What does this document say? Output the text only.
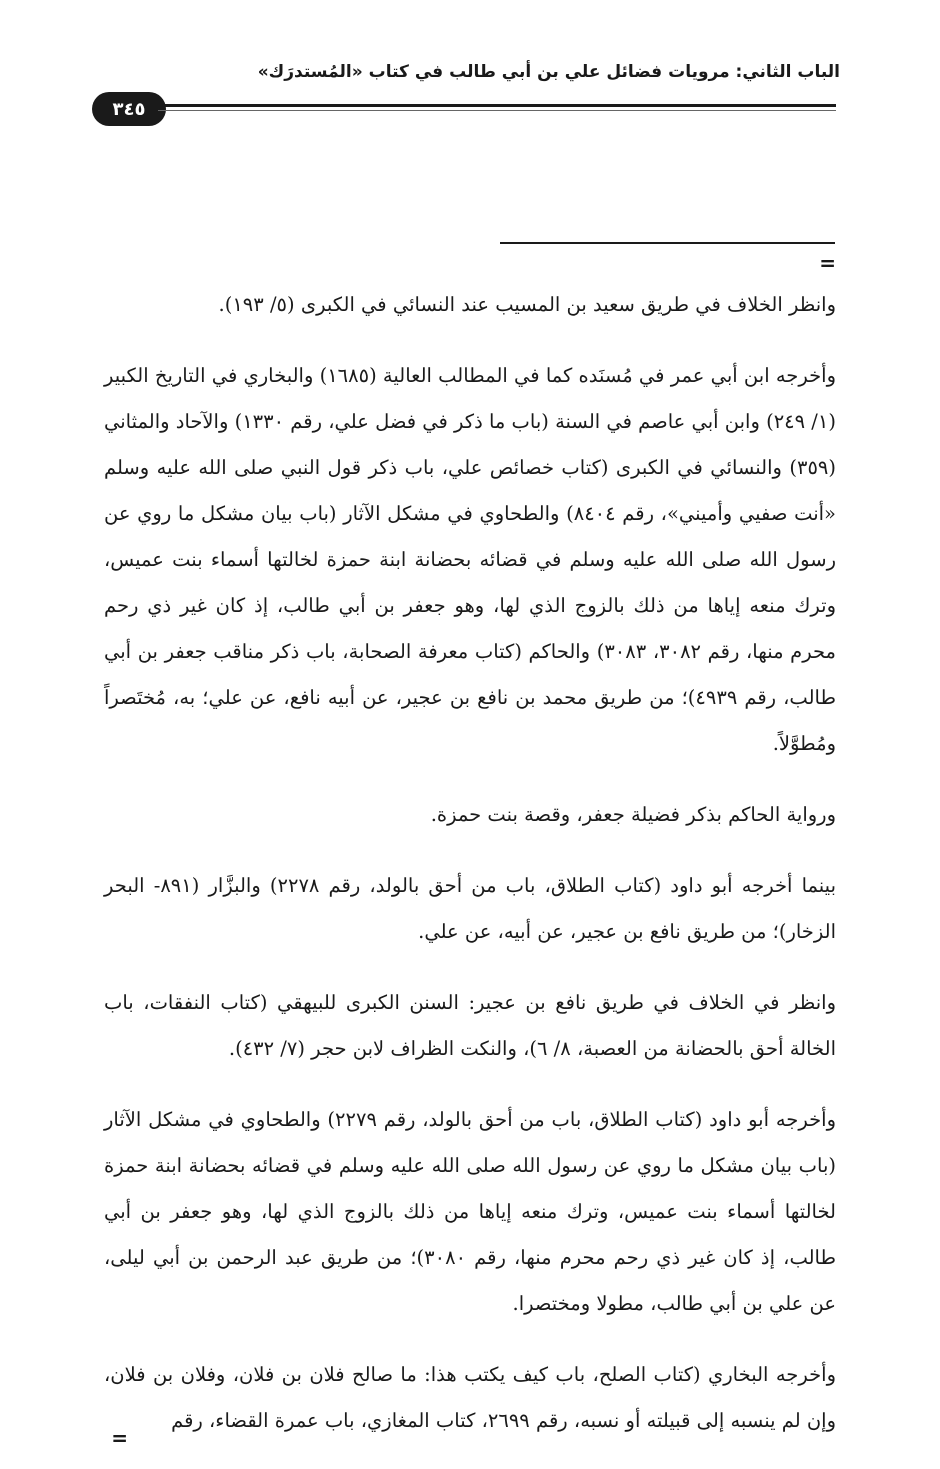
الباب الثاني: مرويات فضائل علي بن أبي طالب في كتاب «المُستدرَك»
٣٤٥
=

وانظر الخلاف في طريق سعيد بن المسيب عند النسائي في الكبرى (٥/ ١٩٣).

وأخرجه ابن أبي عمر في مُسنَده كما في المطالب العالية (١٦٨٥) والبخاري في التاريخ الكبير (١/ ٢٤٩) وابن أبي عاصم في السنة (باب ما ذكر في فضل علي، رقم ١٣٣٠) والآحاد والمثاني (٣٥٩) والنسائي في الكبرى (كتاب خصائص علي، باب ذكر قول النبي صلى الله عليه وسلم «أنت صفيي وأميني»، رقم ٨٤٠٤) والطحاوي في مشكل الآثار (باب بيان مشكل ما روي عن رسول الله صلى الله عليه وسلم في قضائه بحضانة ابنة حمزة لخالتها أسماء بنت عميس، وترك منعه إياها من ذلك بالزوج الذي لها، وهو جعفر بن أبي طالب، إذ كان غير ذي رحم محرم منها، رقم ٣٠٨٢، ٣٠٨٣) والحاكم (كتاب معرفة الصحابة، باب ذكر مناقب جعفر بن أبي طالب، رقم ٤٩٣٩)؛ من طريق محمد بن نافع بن عجير، عن أبيه نافع، عن علي؛ به، مُختَصراً ومُطوَّلاً.

ورواية الحاكم بذكر فضيلة جعفر، وقصة بنت حمزة.

بينما أخرجه أبو داود (كتاب الطلاق، باب من أحق بالولد، رقم ٢٢٧٨) والبزَّار (٨٩١- البحر الزخار)؛ من طريق نافع بن عجير، عن أبيه، عن علي.

وانظر في الخلاف في طريق نافع بن عجير: السنن الكبرى للبيهقي (كتاب النفقات، باب الخالة أحق بالحضانة من العصبة، ٨/ ٦)، والنكت الظراف لابن حجر (٧/ ٤٣٢).

وأخرجه أبو داود (كتاب الطلاق، باب من أحق بالولد، رقم ٢٢٧٩) والطحاوي في مشكل الآثار (باب بيان مشكل ما روي عن رسول الله صلى الله عليه وسلم في قضائه بحضانة ابنة حمزة لخالتها أسماء بنت عميس، وترك منعه إياها من ذلك بالزوج الذي لها، وهو جعفر بن أبي طالب، إذ كان غير ذي رحم محرم منها، رقم ٣٠٨٠)؛ من طريق عبد الرحمن بن أبي ليلى، عن علي بن أبي طالب، مطولا ومختصرا.

وأخرجه البخاري (كتاب الصلح، باب كيف يكتب هذا: ما صالح فلان بن فلان، وفلان بن فلان، وإن لم ينسبه إلى قبيلته أو نسبه، رقم ٢٦٩٩، كتاب المغازي، باب عمرة القضاء، رقم

=
